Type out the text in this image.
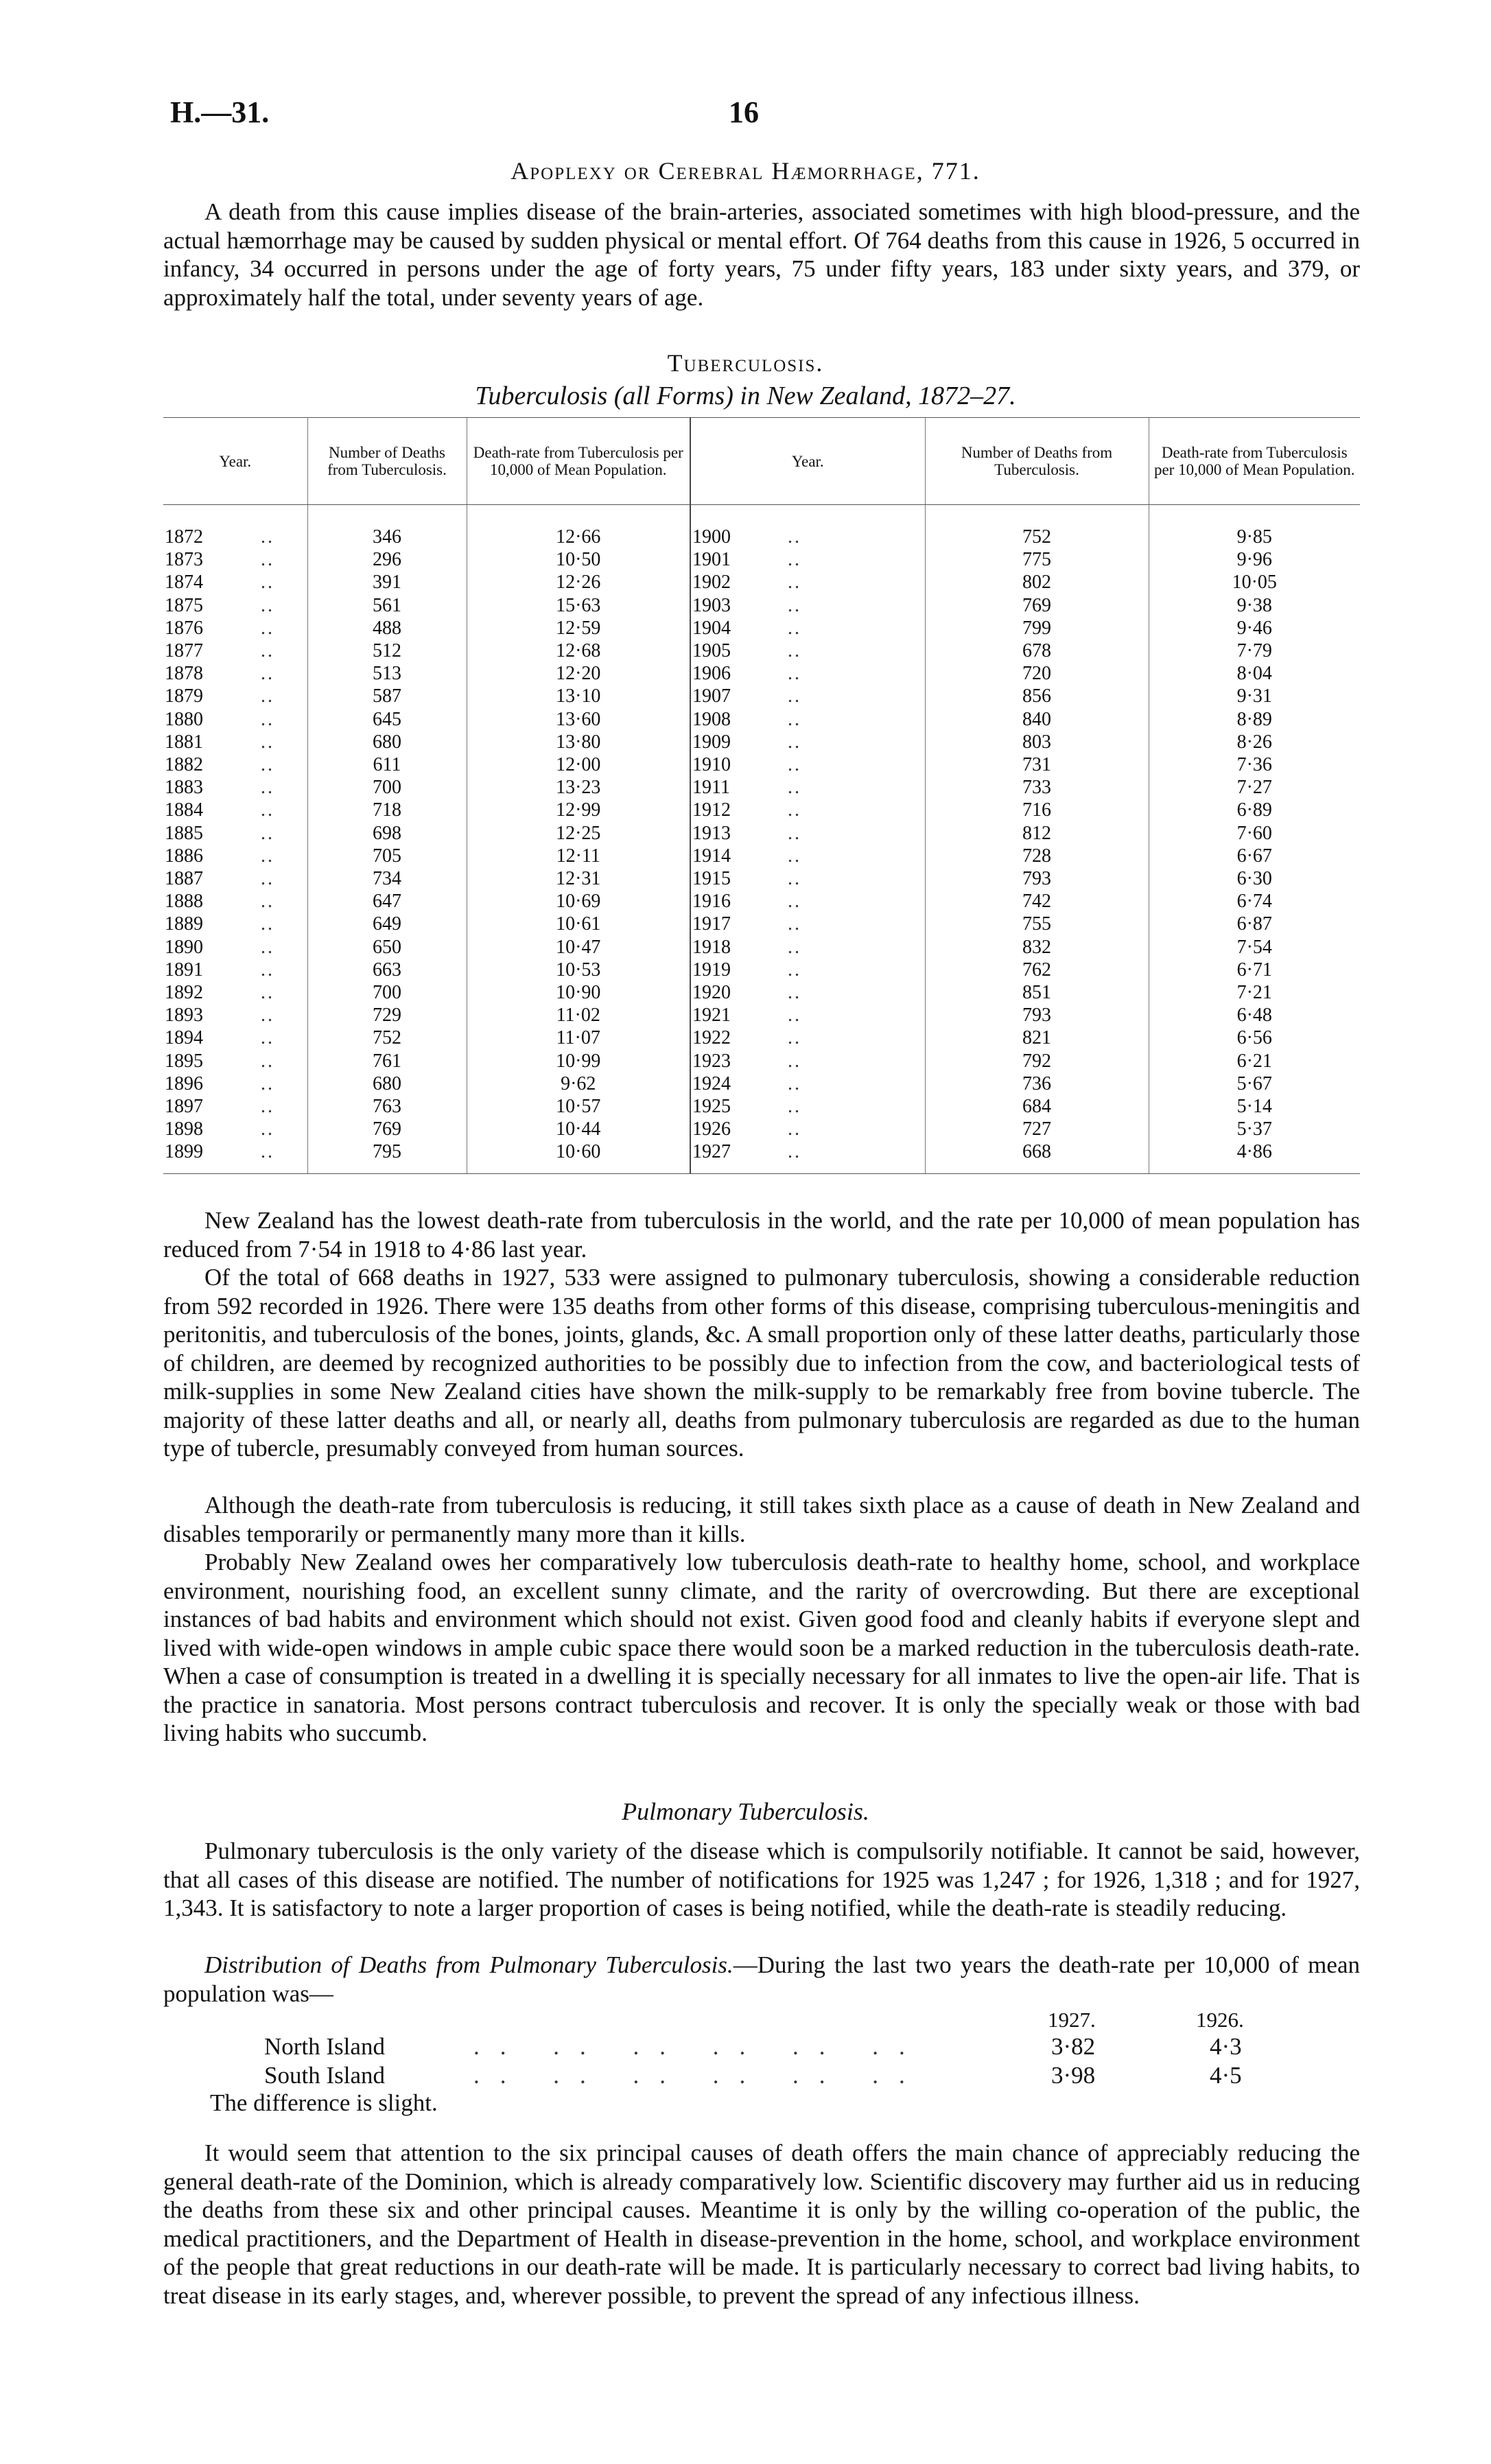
H.—31.	16
Apoplexy or Cerebral Hæmorrhage, 771.

A death from this cause implies disease of the brain-arteries, associated sometimes with high blood-pressure, and the actual hæmorrhage may be caused by sudden physical or mental effort. Of 764 deaths from this cause in 1926, 5 occurred in infancy, 34 occurred in persons under the age of forty years, 75 under fifty years, 183 under sixty years, and 379, or approximately half the total, under seventy years of age.

Tuberculosis.
Tuberculosis (all Forms) in New Zealand, 1872–27.
Year.		Number of Deaths from Tuberculosis.	Death-rate from Tuberculosis per 10,000 of Mean Population.	Year.		Number of Deaths from Tuberculosis.	Death-rate from Tuberculosis per 10,000 of Mean Population.
1872	..	346	12·66	1900	..	752	9·85
1873	..	296	10·50	1901	..	775	9·96
1874	..	391	12·26	1902	..	802	10·05
1875	..	561	15·63	1903	..	769	9·38
1876	..	488	12·59	1904	..	799	9·46
1877	..	512	12·68	1905	..	678	7·79
1878	..	513	12·20	1906	..	720	8·04
1879	..	587	13·10	1907	..	856	9·31
1880	..	645	13·60	1908	..	840	8·89
1881	..	680	13·80	1909	..	803	8·26
1882	..	611	12·00	1910	..	731	7·36
1883	..	700	13·23	1911	..	733	7·27
1884	..	718	12·99	1912	..	716	6·89
1885	..	698	12·25	1913	..	812	7·60
1886	..	705	12·11	1914	..	728	6·67
1887	..	734	12·31	1915	..	793	6·30
1888	..	647	10·69	1916	..	742	6·74
1889	..	649	10·61	1917	..	755	6·87
1890	..	650	10·47	1918	..	832	7·54
1891	..	663	10·53	1919	..	762	6·71
1892	..	700	10·90	1920	..	851	7·21
1893	..	729	11·02	1921	..	793	6·48
1894	..	752	11·07	1922	..	821	6·56
1895	..	761	10·99	1923	..	792	6·21
1896	..	680	9·62	1924	..	736	5·67
1897	..	763	10·57	1925	..	684	5·14
1898	..	769	10·44	1926	..	727	5·37
1899	..	795	10·60	1927	..	668	4·86

New Zealand has the lowest death-rate from tuberculosis in the world, and the rate per 10,000 of mean population has reduced from 7·54 in 1918 to 4·86 last year.

Of the total of 668 deaths in 1927, 533 were assigned to pulmonary tuberculosis, showing a considerable reduction from 592 recorded in 1926. There were 135 deaths from other forms of this disease, comprising tuberculous-meningitis and peritonitis, and tuberculosis of the bones, joints, glands, &c. A small proportion only of these latter deaths, particularly those of children, are deemed by recognized authorities to be possibly due to infection from the cow, and bacteriological tests of milk-supplies in some New Zealand cities have shown the milk-supply to be remarkably free from bovine tubercle. The majority of these latter deaths and all, or nearly all, deaths from pulmonary tuberculosis are regarded as due to the human type of tubercle, presumably conveyed from human sources.

Although the death-rate from tuberculosis is reducing, it still takes sixth place as a cause of death in New Zealand and disables temporarily or permanently many more than it kills.

Probably New Zealand owes her comparatively low tuberculosis death-rate to healthy home, school, and workplace environment, nourishing food, an excellent sunny climate, and the rarity of overcrowding. But there are exceptional instances of bad habits and environment which should not exist. Given good food and cleanly habits if everyone slept and lived with wide-open windows in ample cubic space there would soon be a marked reduction in the tuberculosis death-rate. When a case of consumption is treated in a dwelling it is specially necessary for all inmates to live the open-air life. That is the practice in sanatoria. Most persons contract tuberculosis and recover. It is only the specially weak or those with bad living habits who succumb.

Pulmonary Tuberculosis.

Pulmonary tuberculosis is the only variety of the disease which is compulsorily notifiable. It cannot be said, however, that all cases of this disease are notified. The number of notifications for 1925 was 1,247 ; for 1926, 1,318 ; and for 1927, 1,343. It is satisfactory to note a larger proportion of cases is being notified, while the death-rate is steadily reducing.

Distribution of Deaths from Pulmonary Tuberculosis.—During the last two years the death-rate per 10,000 of mean population was—

1927.	1926.
North Island	.. .. .. .. .. ..	3·82	4·3
South Island	.. .. .. .. .. ..	3·98	4·5
The difference is slight.

It would seem that attention to the six principal causes of death offers the main chance of appreciably reducing the general death-rate of the Dominion, which is already comparatively low. Scientific discovery may further aid us in reducing the deaths from these six and other principal causes. Meantime it is only by the willing co-operation of the public, the medical practitioners, and the Department of Health in disease-prevention in the home, school, and workplace environment of the people that great reductions in our death-rate will be made. It is particularly necessary to correct bad living habits, to treat disease in its early stages, and, wherever possible, to prevent the spread of any infectious illness.
